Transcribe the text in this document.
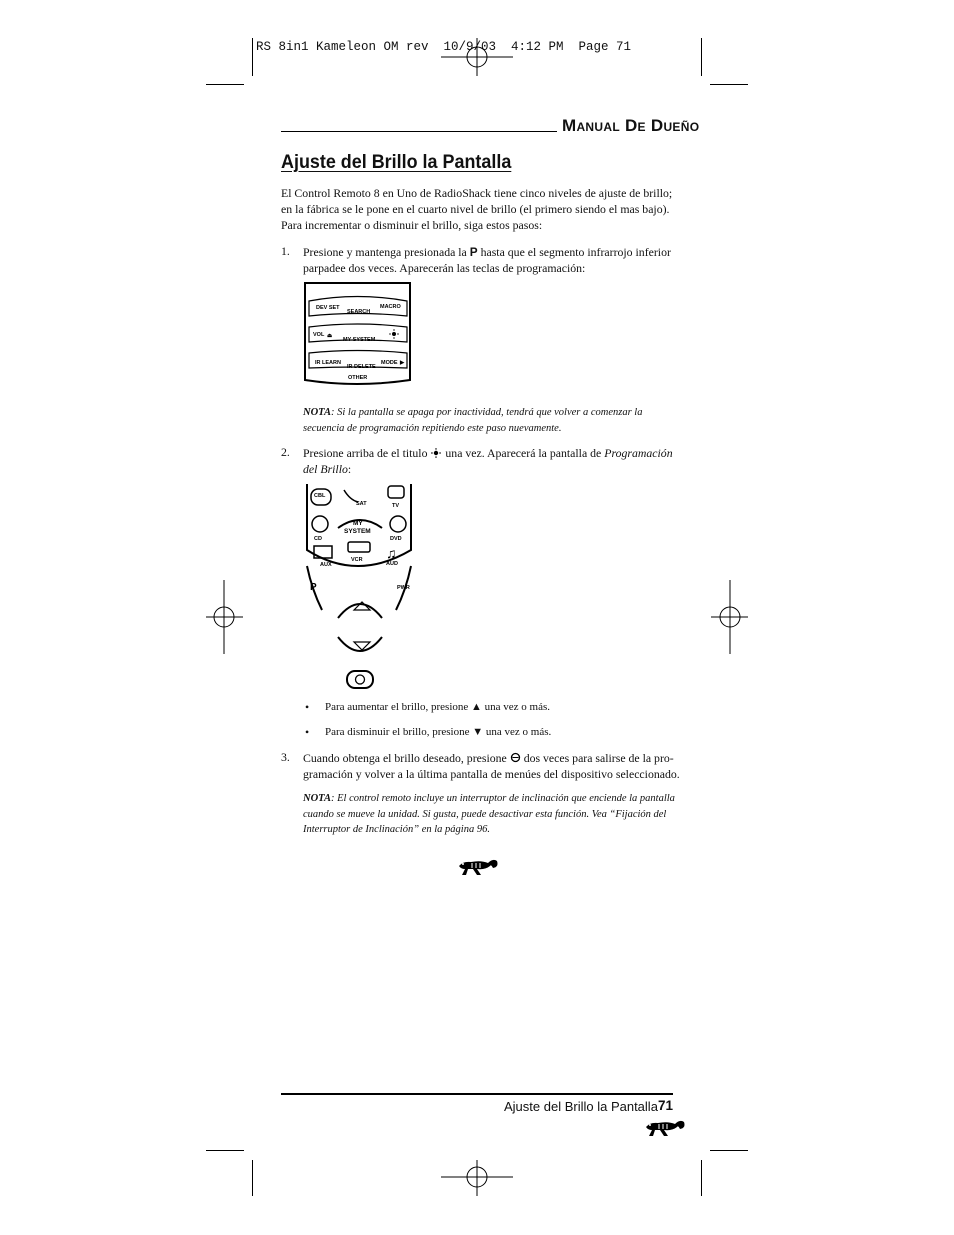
RS 8in1 Kameleon OM rev  10/9/03  4:12 PM  Page 71
Manual De Dueño
Ajuste del Brillo la Pantalla
El Control Remoto 8 en Uno de RadioShack tiene cinco niveles de ajuste de brillo;
en la fábrica se le pone en el cuarto nivel de brillo (el primero siendo el mas bajo).
Para incrementar o disminuir el brillo, siga estos pasos:
1. Presione y mantenga presionada la P hasta que el segmento infrarrojo inferior
parpadee dos veces. Aparecerán las teclas de programación:
DEV SET
SEARCH
MACRO
VOL ⏏
MY SYSTEM
IR LEARN
IR DELETE
MODE ▶
OTHER
NOTA: Si la pantalla se apaga por inactividad, tendrá que volver a comenzar la
secuencia de programación repitiendo este paso nuevamente.
2. Presione arriba de el titulo una vez. Aparecerá la pantalla de Programación
del Brillo:
CBL
SAT	TV
CD
MY
SYSTEM
DVD
AUX
VCR ♫
AUD
P	PWR
• Para aumentar el brillo, presione ▲ una vez o más.
• Para disminuir el brillo, presione ▼ una vez o más.
3. Cuando obtenga el brillo deseado, presione dos veces para salirse de la pro-
gramación y volver a la última pantalla de menúes del dispositivo seleccionado.
NOTA: El control remoto incluye un interruptor de inclinación que enciende la pantalla
cuando se mueve la unidad. Si gusta, puede desactivar esta función. Vea “Fijación del
Interruptor de Inclinación” en la página 96.
Ajuste del Brillo la Pantalla 71
